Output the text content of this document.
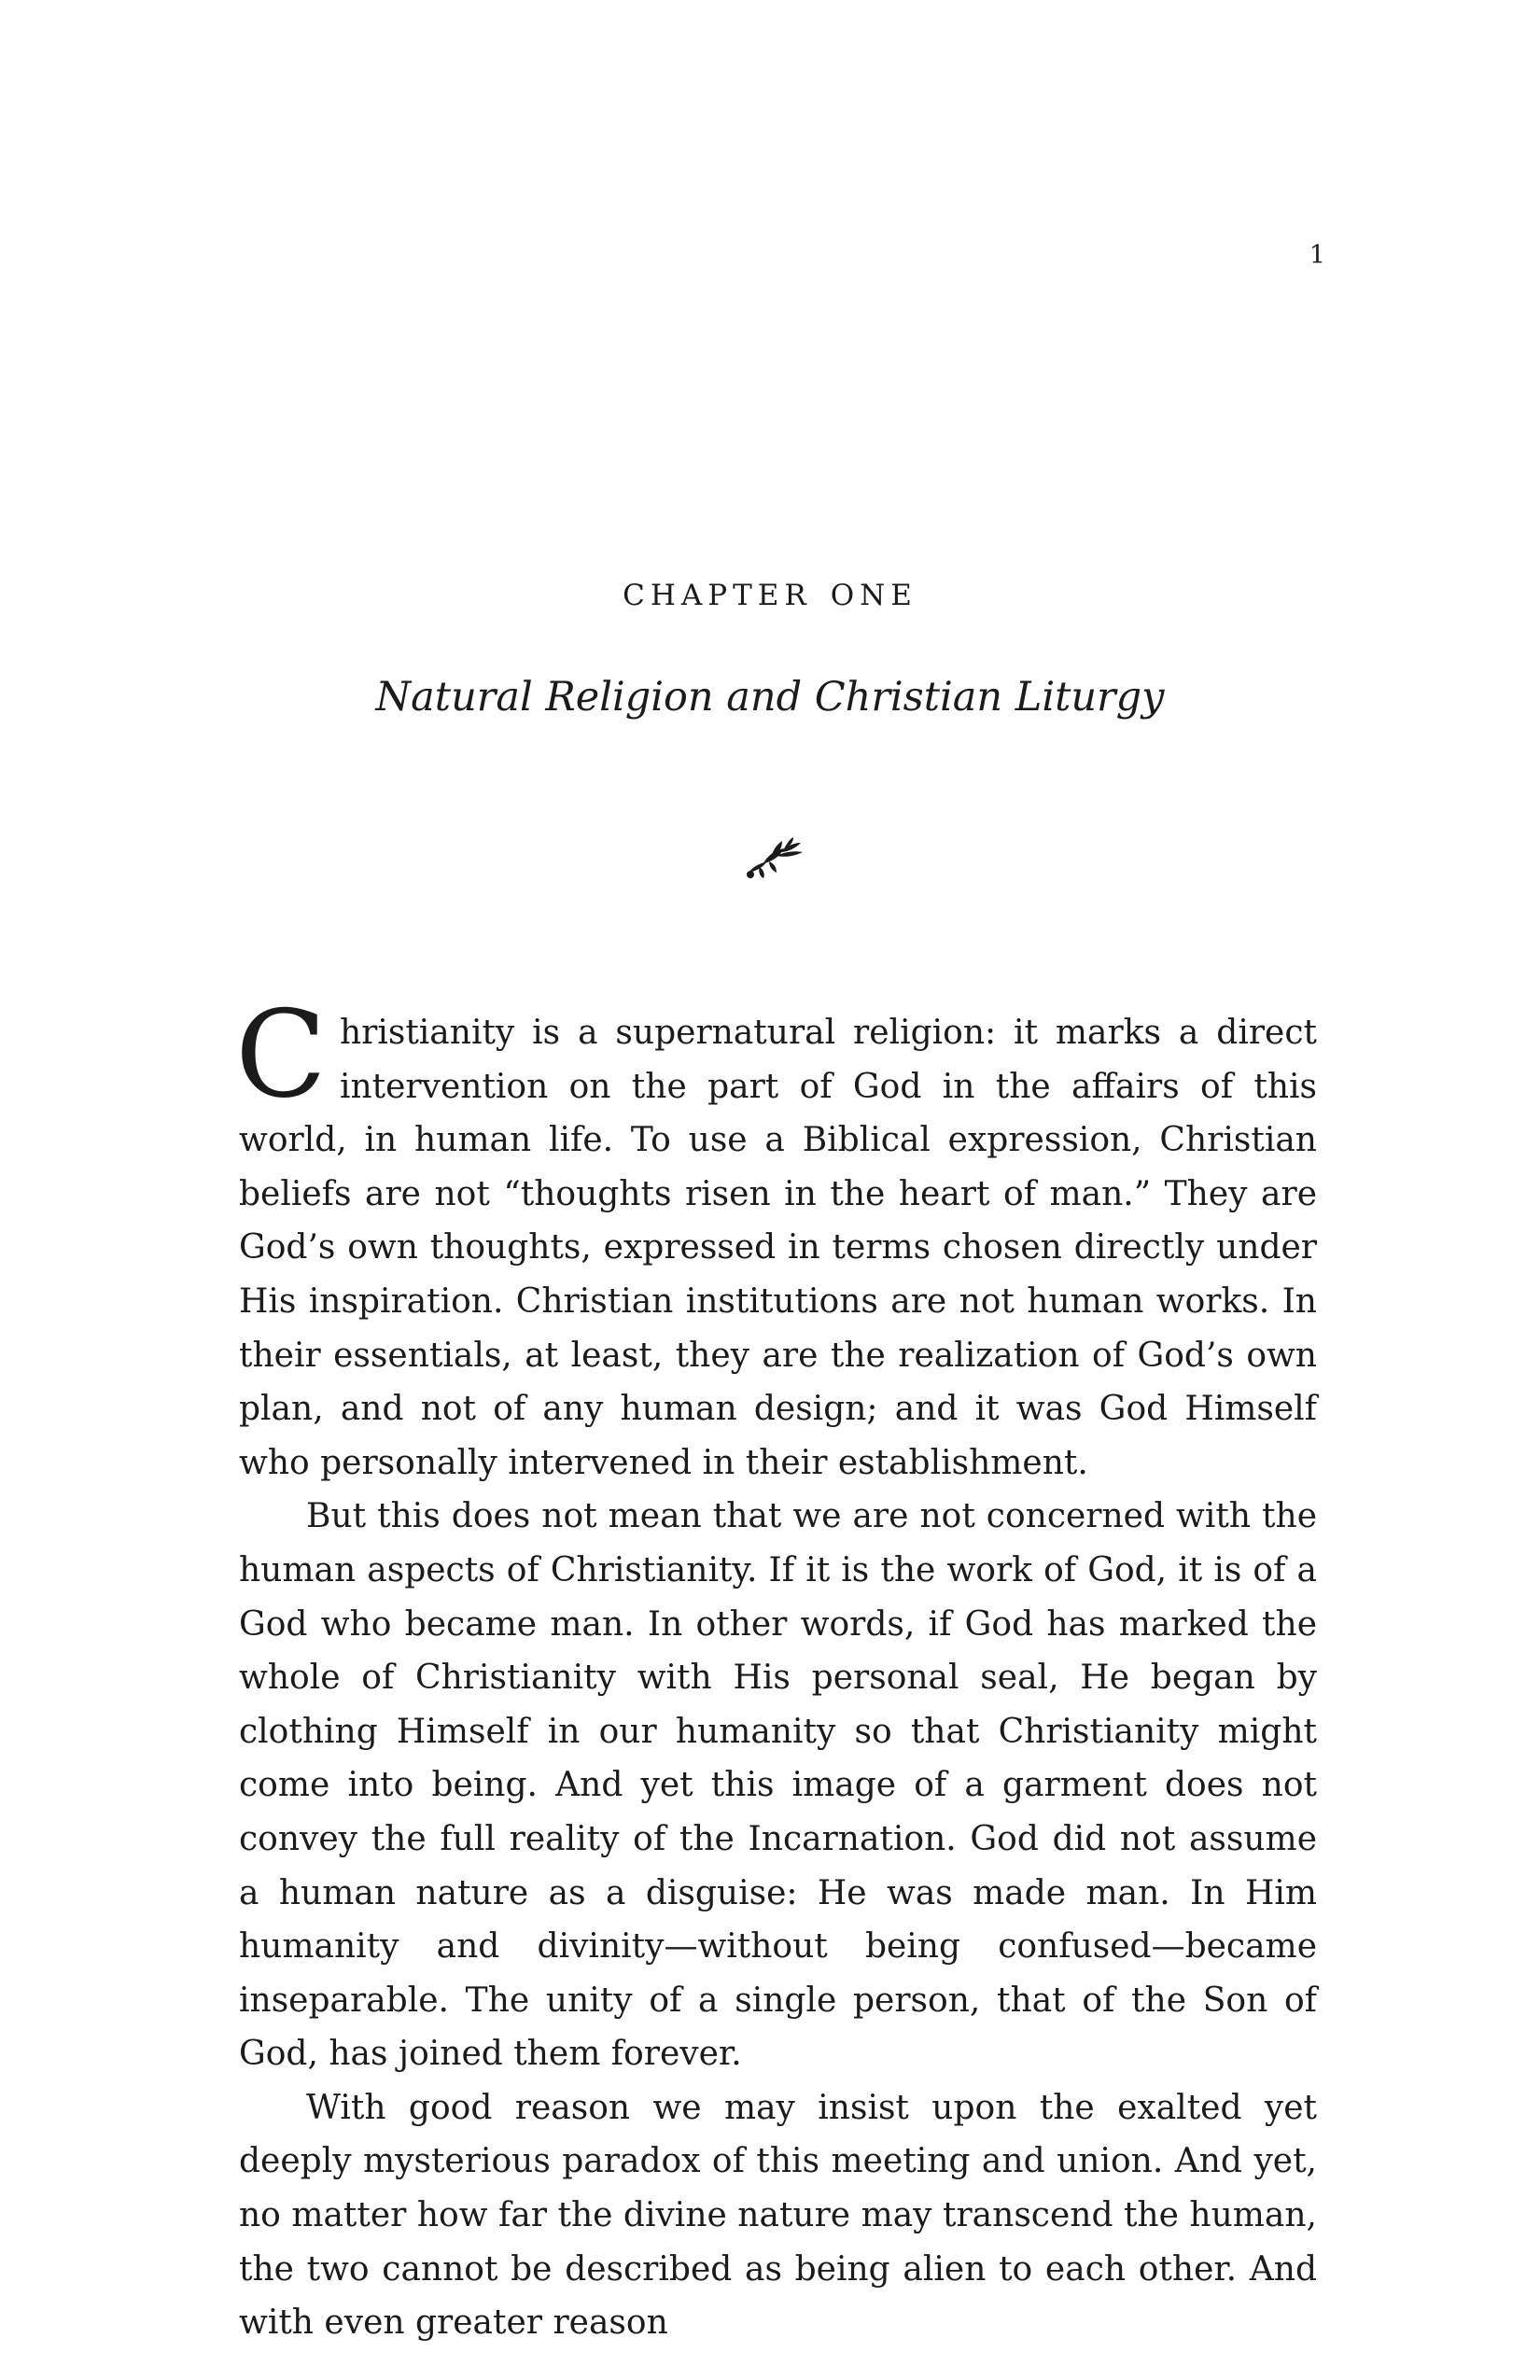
1
chapter one
Natural Religion and Christian Liturgy

Christianity is a supernatural religion: it marks a direct intervention on the part of God in the affairs of this world, in human life. To use a Biblical expression, Christian beliefs are not “thoughts risen in the heart of man.” They are God’s own thoughts, expressed in terms chosen directly under His inspiration. Christian institutions are not human works. In their essentials, at least, they are the realization of God’s own plan, and not of any human design; and it was God Himself who personally intervened in their establishment.

But this does not mean that we are not concerned with the human aspects of Christianity. If it is the work of God, it is of a God who became man. In other words, if God has marked the whole of Christianity with His personal seal, He began by clothing Himself in our humanity so that Christianity might come into being. And yet this image of a garment does not convey the full reality of the Incarnation. God did not assume a human nature as a disguise: He was made man. In Him humanity and divinity—without being confused—became inseparable. The unity of a single person, that of the Son of God, has joined them forever.

With good reason we may insist upon the exalted yet deeply mysterious paradox of this meeting and union. And yet, no matter how far the divine nature may transcend the human, the two cannot be described as being alien to each other. And with even greater reason
